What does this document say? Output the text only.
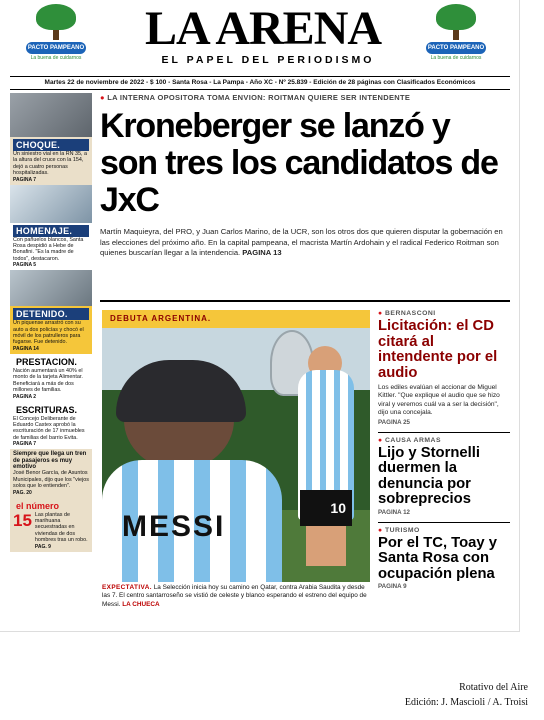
PACTO PAMPEANO
La buena de cuidarnos
LA ARENA
EL PAPEL DEL PERIODISMO
PACTO PAMPEANO
La buena de cuidarnos
Martes 22 de noviembre de 2022 - $ 100 - Santa Rosa - La Pampa - Año XC - Nº 25.839 - Edición de 28 páginas con Clasificados Económicos
CHOQUE.
Un siniestro vial en la RN 35, a la altura del cruce con la 154, dejó a cuatro personas hospitalizadas.
PAGINA 7
HOMENAJE.
Con pañuelos blancos, Santa Rosa despidió a Hebe de Bonafini. "Es la madre de todos", destacaron.
PAGINA 5
DETENIDO.
Un piquense arrastró con su auto a dos policías y chocó el móvil de los patrulleros para fugarse. Fue detenido.
PAGINA 14
PRESTACION.
Nación aumentará un 40% el monto de la tarjeta Alimentar. Beneficiará a más de dos millones de familias.
PAGINA 2
ESCRITURAS.
El Concejo Deliberante de Eduardo Castex aprobó la escrituración de 17 inmuebles de familias del barrio Evita.
PAGINA 7
Siempre que llega un tren de pasajeros es muy emotivo
José Benor García, de Asuntos Municipales, dijo que los "viejos solos que lo entienden".
PAG. 20
el número
15 Las plantas de marihuana secuestradas en viviendas de dos hombres tras un robo.
PAG. 9
● LA INTERNA OPOSITORA TOMA ENVION: ROITMAN QUIERE SER INTENDENTE
Kroneberger se lanzó y son tres los candidatos de JxC
Martín Maquieyra, del PRO, y Juan Carlos Marino, de la UCR, son los otros dos que quieren disputar la gobernación en las elecciones del próximo año. En la capital pampeana, el macrista Martín Ardohain y el radical Federico Roitman son quienes buscarían llegar a la intendencia. PAGINA 13
10
MESSI
DEBUTA ARGENTINA.
EXPECTATIVA. La Selección inicia hoy su camino en Qatar, contra Arabia Saudita y desde las 7. El centro santarroseño se vistió de celeste y blanco esperando el estreno del equipo de Messi. LA CHUECA
● BERNASCONI
Licitación: el CD citará al intendente por el audio
Los ediles evalúan el accionar de Miguel Kittler. "Que explique el audio que se hizo viral y veremos cuál va a ser la decisión", dijo una concejala.
PAGINA 25
● CAUSA ARMAS
Lijo y Stornelli duermen la denuncia por sobreprecios
PAGINA 12
● TURISMO
Por el TC, Toay y Santa Rosa con ocupación plena
PAGINA 9
Rotativo del Aire
Edición: J. Mascioli / A. Troisi
